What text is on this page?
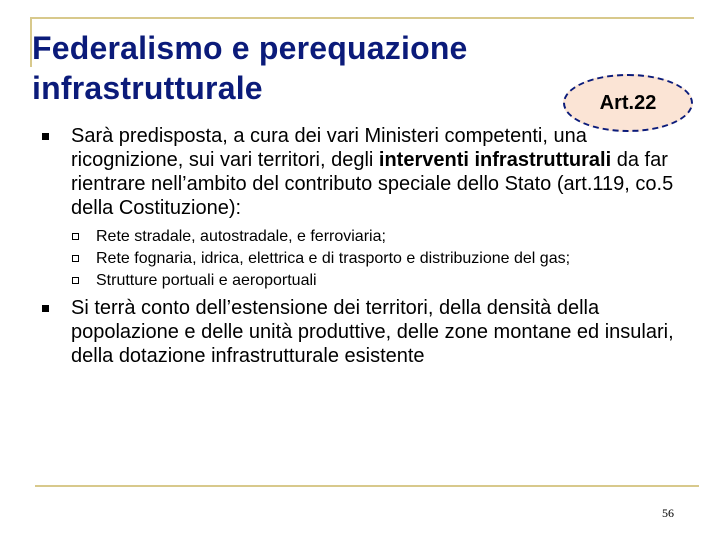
Federalismo e perequazione
infrastrutturale	Art.22
Sarà predisposta, a cura dei vari Ministeri competenti, una ricognizione, sui vari territori, degli interventi infrastrutturali da far rientrare nell’ambito del contributo speciale dello Stato (art.119, co.5 della Costituzione):
Rete stradale, autostradale, e ferroviaria;
Rete fognaria, idrica, elettrica e di trasporto e distribuzione del gas;
Strutture portuali e aeroportuali
Si terrà conto dell’estensione dei territori, della densità della popolazione e delle unità produttive, delle zone montane ed insulari, della dotazione infrastrutturale esistente
56
